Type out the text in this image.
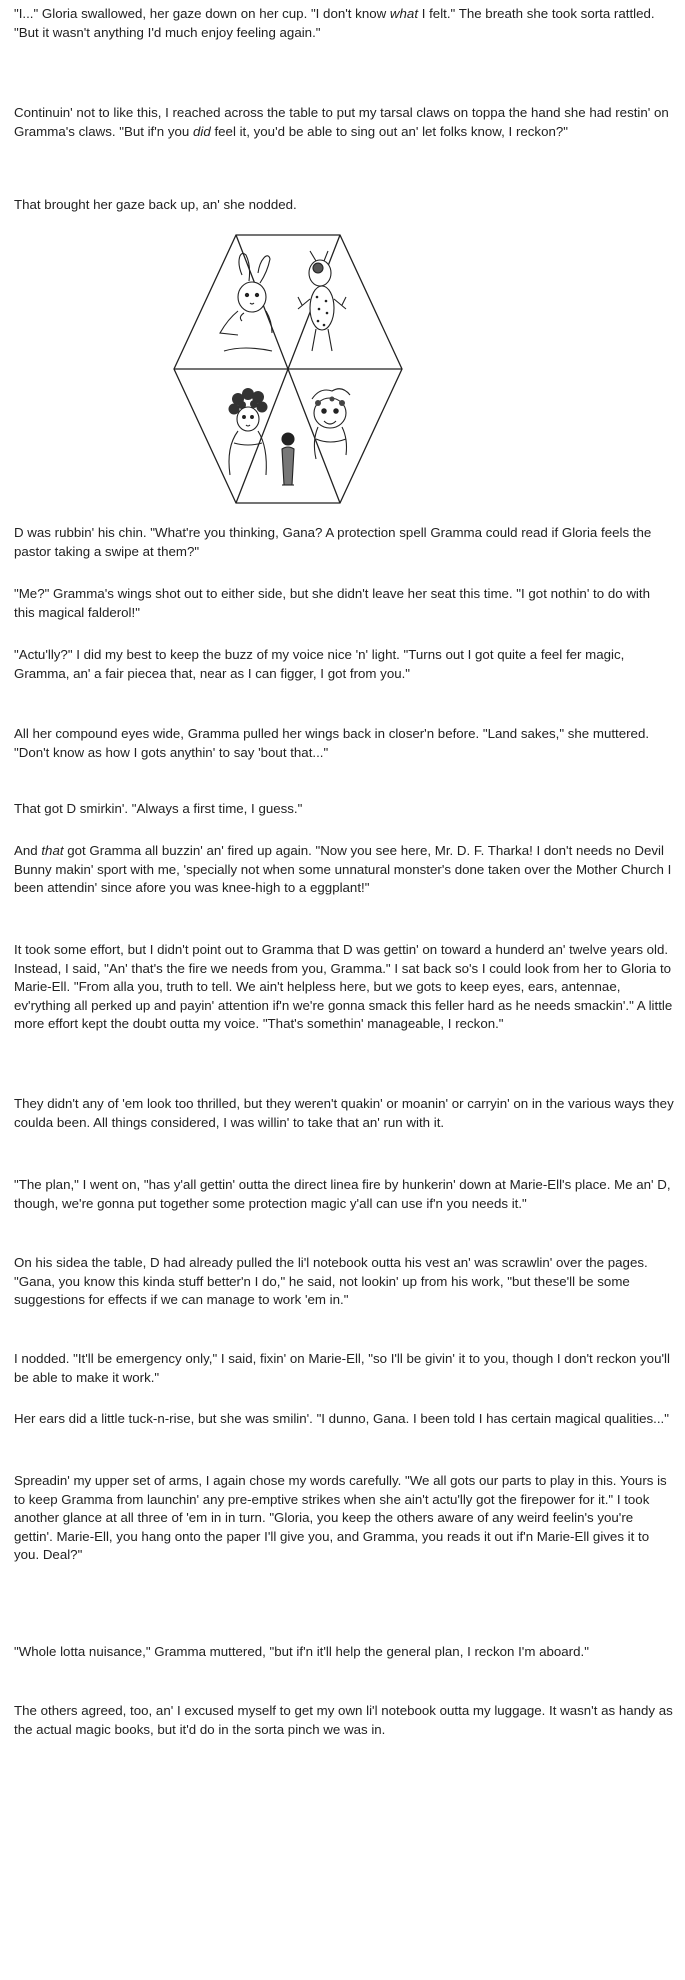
"I..." Gloria swallowed, her gaze down on her cup. "I don't know what I felt." The breath she took sorta rattled. "But it wasn't anything I'd much enjoy feeling again."

Continuin' not to like this, I reached across the table to put my tarsal claws on toppa the hand she had restin' on Gramma's claws. "But if'n you did feel it, you'd be able to sing out an' let folks know, I reckon?"

That brought her gaze back up, an' she nodded.

D was rubbin' his chin. "What're you thinking, Gana? A protection spell Gramma could read if Gloria feels the pastor taking a swipe at them?"

"Me?" Gramma's wings shot out to either side, but she didn't leave her seat this time. "I got nothin' to do with this magical falderol!"

"Actu'lly?" I did my best to keep the buzz of my voice nice 'n' light. "Turns out I got quite a feel fer magic, Gramma, an' a fair piecea that, near as I can figger, I got from you."

All her compound eyes wide, Gramma pulled her wings back in closer'n before. "Land sakes," she muttered. "Don't know as how I gots anythin' to say 'bout that..."

That got D smirkin'. "Always a first time, I guess."

And that got Gramma all buzzin' an' fired up again. "Now you see here, Mr. D. F. Tharka! I don't needs no Devil Bunny makin' sport with me, 'specially not when some unnatural monster's done taken over the Mother Church I been attendin' since afore you was knee-high to a eggplant!"

It took some effort, but I didn't point out to Gramma that D was gettin' on toward a hunderd an' twelve years old. Instead, I said, "An' that's the fire we needs from you, Gramma." I sat back so's I could look from her to Gloria to Marie-Ell. "From alla you, truth to tell. We ain't helpless here, but we gots to keep eyes, ears, antennae, ev'rything all perked up and payin' attention if'n we're gonna smack this feller hard as he needs smackin'." A little more effort kept the doubt outta my voice. "That's somethin' manageable, I reckon."

They didn't any of 'em look too thrilled, but they weren't quakin' or moanin' or carryin' on in the various ways they coulda been. All things considered, I was willin' to take that an' run with it.

"The plan," I went on, "has y'all gettin' outta the direct linea fire by hunkerin' down at Marie-Ell's place. Me an' D, though, we're gonna put together some protection magic y'all can use if'n you needs it."

On his sidea the table, D had already pulled the li'l notebook outta his vest an' was scrawlin' over the pages. "Gana, you know this kinda stuff better'n I do," he said, not lookin' up from his work, "but these'll be some suggestions for effects if we can manage to work 'em in."

I nodded. "It'll be emergency only," I said, fixin' on Marie-Ell, "so I'll be givin' it to you, though I don't reckon you'll be able to make it work."

Her ears did a little tuck-n-rise, but she was smilin'. "I dunno, Gana. I been told I has certain magical qualities..."

Spreadin' my upper set of arms, I again chose my words carefully. "We all gots our parts to play in this. Yours is to keep Gramma from launchin' any pre-emptive strikes when she ain't actu'lly got the firepower for it." I took another glance at all three of 'em in in turn. "Gloria, you keep the others aware of any weird feelin's you're gettin'. Marie-Ell, you hang onto the paper I'll give you, and Gramma, you reads it out if'n Marie-Ell gives it to you. Deal?"

"Whole lotta nuisance," Gramma muttered, "but if'n it'll help the general plan, I reckon I'm aboard."

The others agreed, too, an' I excused myself to get my own li'l notebook outta my luggage. It wasn't as handy as the actual magic books, but it'd do in the sorta pinch we was in.
